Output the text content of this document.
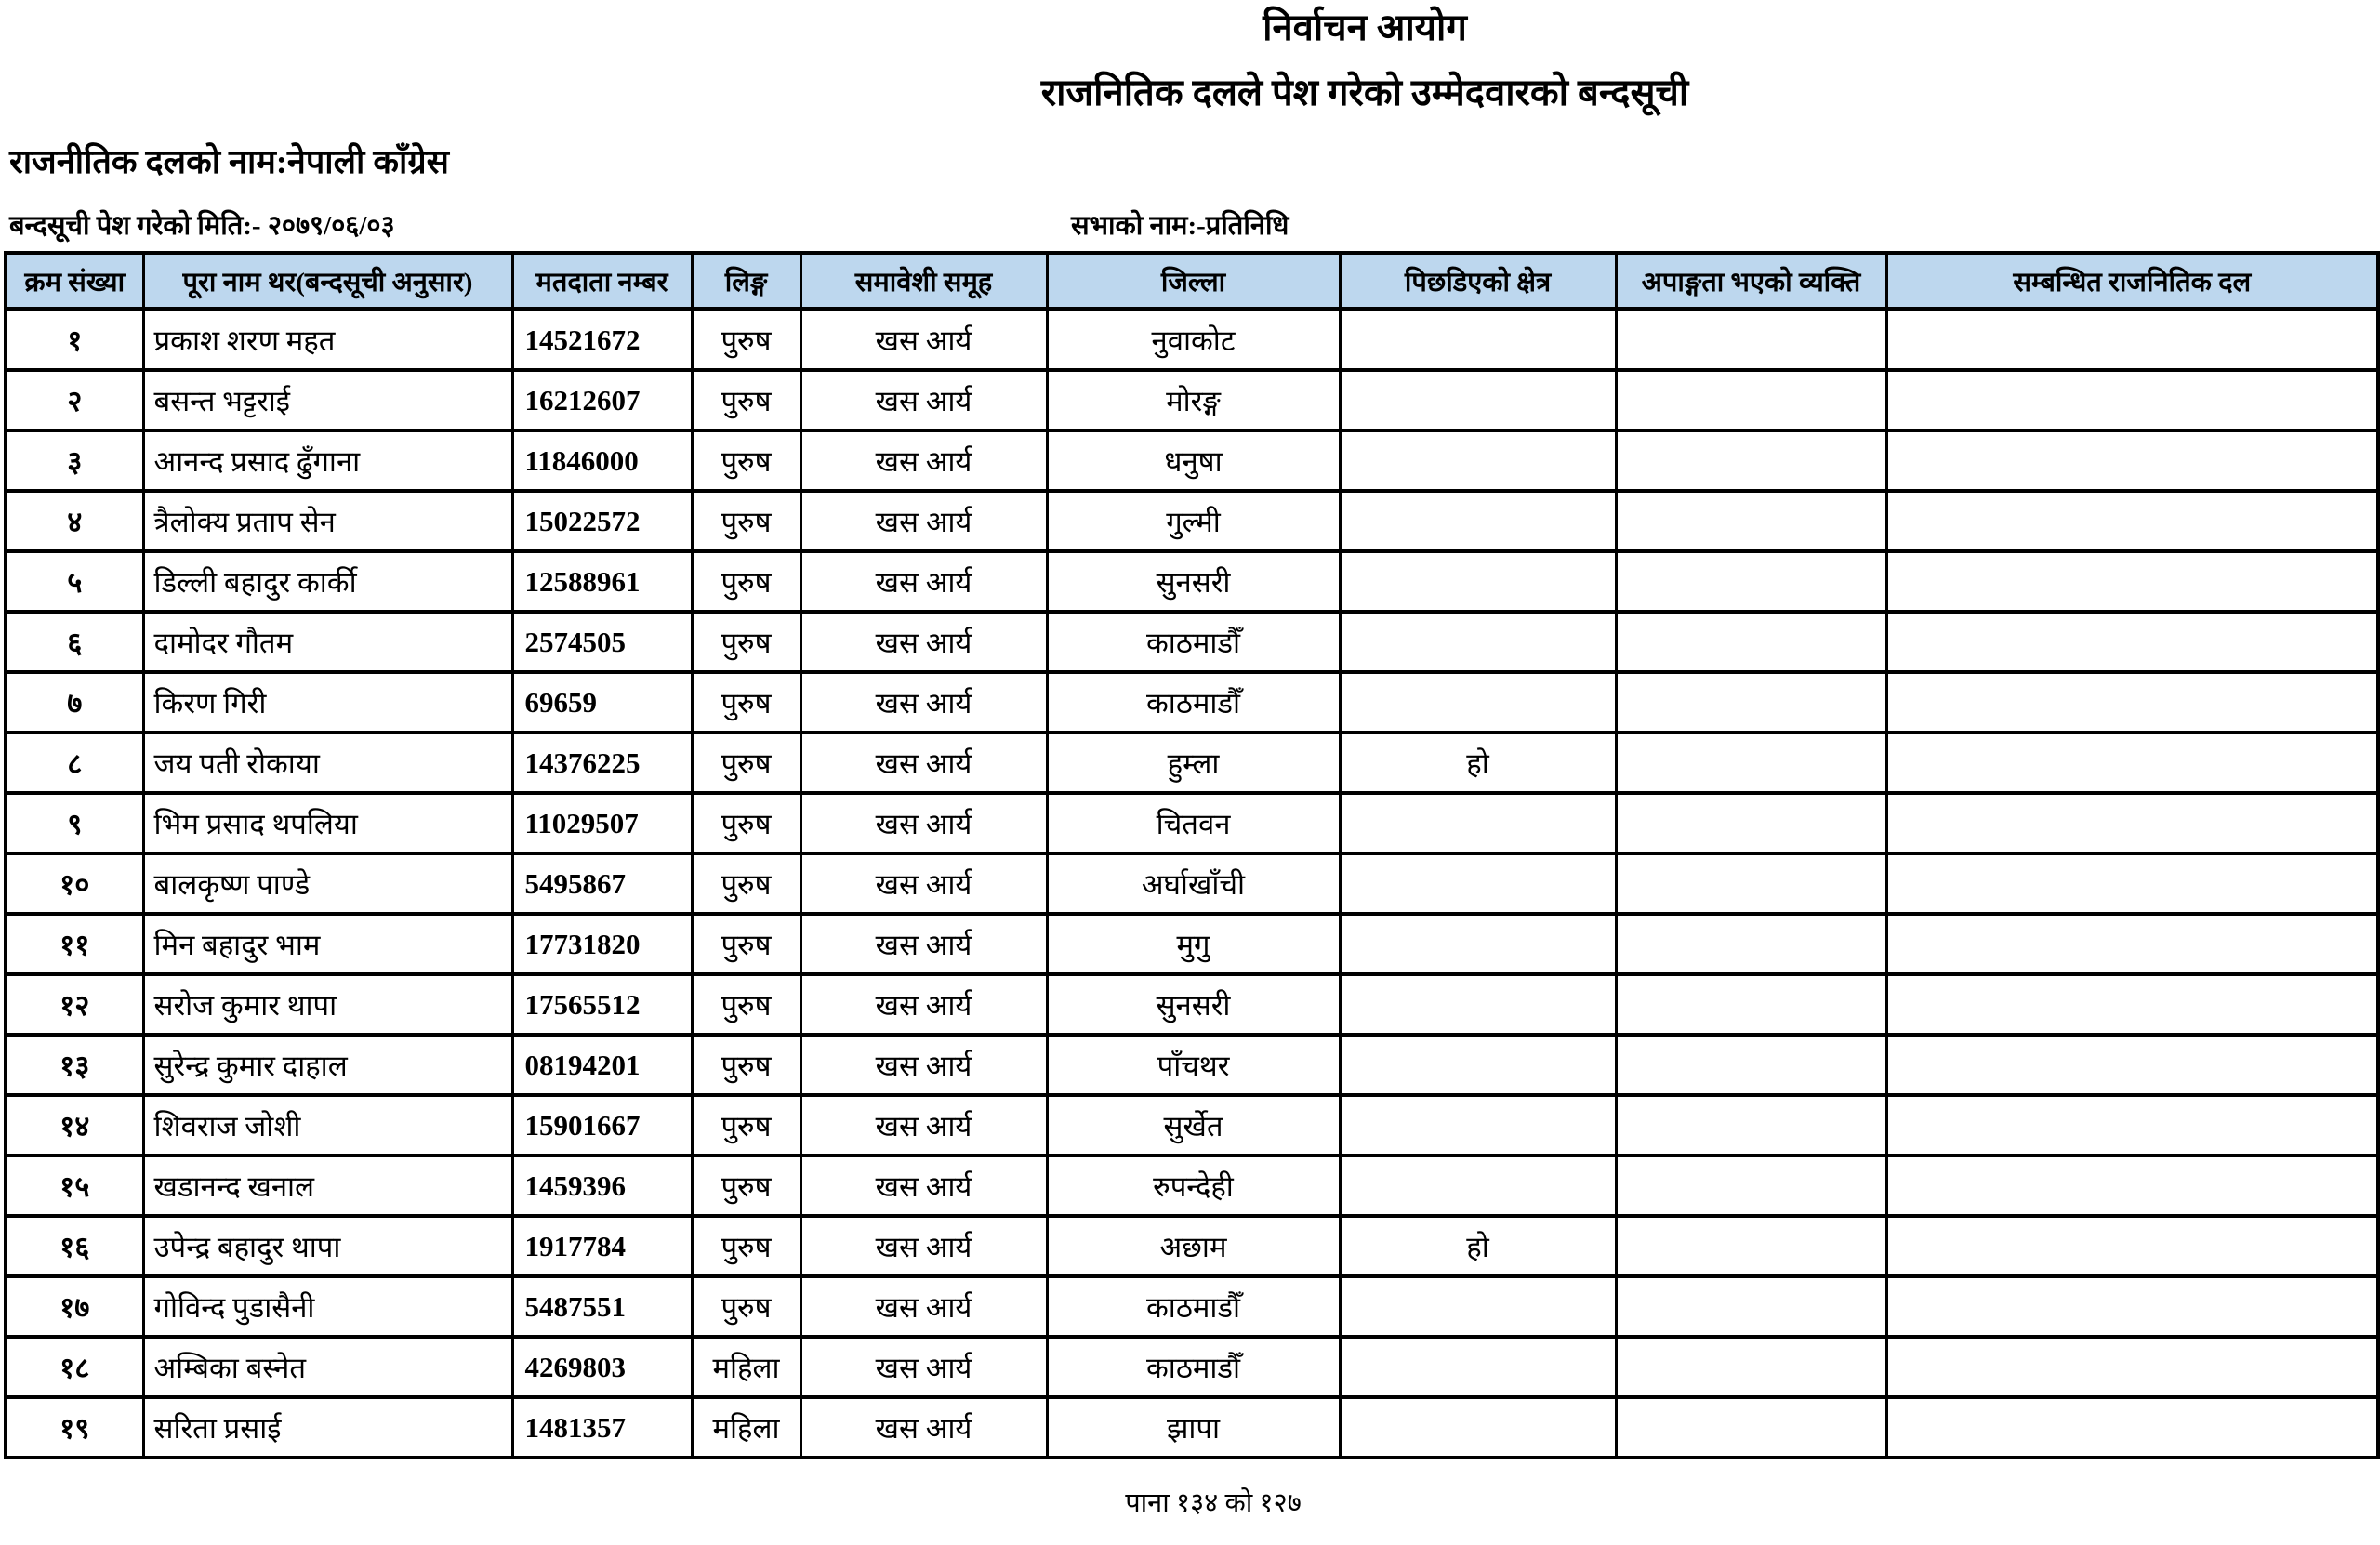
निर्वाचन आयोग
राजनितिक दलले पेश गरेको उम्मेदवारको बन्दसूची
राजनीतिक दलको नाम:नेपाली काँग्रेस
बन्दसूची पेश गरेको मिति:- २०७९/०६/०३	सभाको नाम:-प्रतिनिधि
क्रम संख्या	पूरा नाम थर(बन्दसूची अनुसार)	मतदाता नम्बर	लिङ्ग	समावेशी समूह	जिल्ला	पिछडिएको क्षेत्र	अपाङ्गता भएको व्यक्ति	सम्बन्धित राजनितिक दल
१	प्रकाश शरण महत	14521672	पुरुष	खस आर्य	नुवाकोट			
२	बसन्त भट्टराई	16212607	पुरुष	खस आर्य	मोरङ्ग			
३	आनन्द प्रसाद ढुँगाना	11846000	पुरुष	खस आर्य	धनुषा			
४	त्रैलोक्य प्रताप सेन	15022572	पुरुष	खस आर्य	गुल्मी			
५	डिल्ली बहादुर कार्की	12588961	पुरुष	खस आर्य	सुनसरी			
६	दामोदर गौतम	2574505	पुरुष	खस आर्य	काठमाडौँ			
७	किरण गिरी	69659	पुरुष	खस आर्य	काठमाडौँ			
८	जय पती रोकाया	14376225	पुरुष	खस आर्य	हुम्ला	हो		
९	भिम प्रसाद थपलिया	11029507	पुरुष	खस आर्य	चितवन			
१०	बालकृष्ण पाण्डे	5495867	पुरुष	खस आर्य	अर्घाखाँची			
११	मिन बहादुर भाम	17731820	पुरुष	खस आर्य	मुगु			
१२	सरोज कुमार थापा	17565512	पुरुष	खस आर्य	सुनसरी			
१३	सुरेन्द्र कुमार दाहाल	08194201	पुरुष	खस आर्य	पाँचथर			
१४	शिवराज जोशी	15901667	पुरुष	खस आर्य	सुर्खेत			
१५	खडानन्द खनाल	1459396	पुरुष	खस आर्य	रुपन्देही			
१६	उपेन्द्र बहादुर थापा	1917784	पुरुष	खस आर्य	अछाम	हो		
१७	गोविन्द पुडासैनी	5487551	पुरुष	खस आर्य	काठमाडौँ			
१८	अम्बिका बस्नेत	4269803	महिला	खस आर्य	काठमाडौँ			
१९	सरिता प्रसाई	1481357	महिला	खस आर्य	झापा			
पाना १३४ को १२७
